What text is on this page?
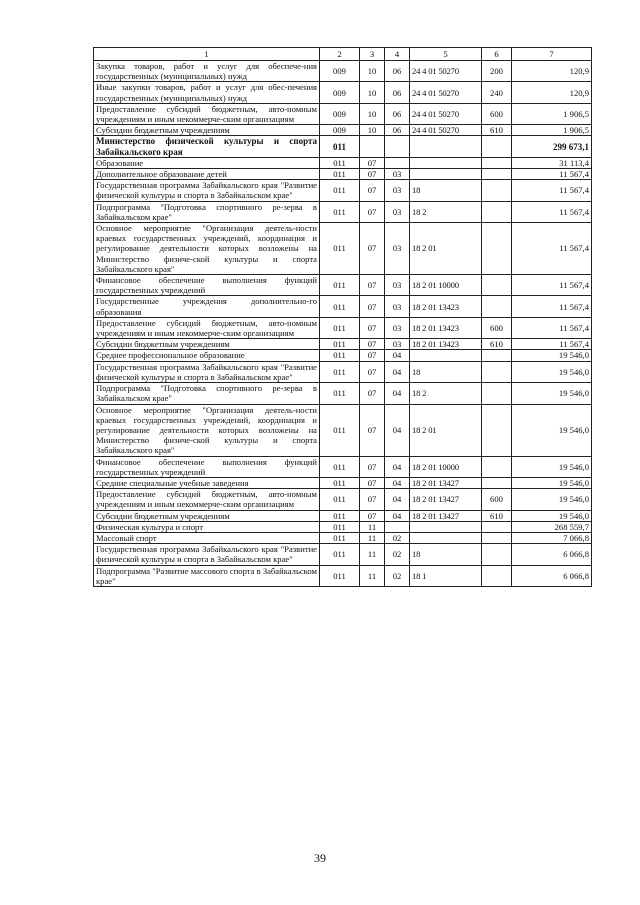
1	2	3	4	5	6	7
Закупка товаров, работ и услуг для обеспече-ния государственных (муниципальных) нужд	009	10	06	24 4 01 50270	200	120,9
Иные закупки товаров, работ и услуг для обес-печения государственных (муниципальных) нужд	009	10	06	24 4 01 50270	240	120,9
Предоставление субсидий бюджетным, авто-номным учреждениям и иным некоммерче-ским организациям	009	10	06	24 4 01 50270	600	1 906,5
Субсидии бюджетным учреждениям	009	10	06	24 4 01 50270	610	1 906,5
Министерство физической культуры и спорта Забайкальского края	011					299 673,1
Образование	011	07				31 113,4
Дополнительное образование детей	011	07	03			11 567,4
Государственная программа Забайкальского края "Развитие физической культуры и спорта в Забайкальском крае"	011	07	03	18		11 567,4
Подпрограмма "Подготовка спортивного ре-зерва в Забайкальском крае"	011	07	03	18 2		11 567,4
Основное мероприятие "Организация деятель-ности краевых государственных учреждений, координация и регулирование деятельности которых возложены на Министерство физиче-ской культуры и спорта Забайкальского края"	011	07	03	18 2 01		11 567,4
Финансовое обеспечение выполнения функций государственных учреждений	011	07	03	18 2 01 10000		11 567,4
Государственные учреждения дополнительно-го образования	011	07	03	18 2 01 13423		11 567,4
Предоставление субсидий бюджетным, авто-номным учреждениям и иным некоммерче-ским организациям	011	07	03	18 2 01 13423	600	11 567,4
Субсидии бюджетным учреждениям	011	07	03	18 2 01 13423	610	11 567,4
Среднее профессиональное образование	011	07	04			19 546,0
Государственная программа Забайкальского края "Развитие физической культуры и спорта в Забайкальском крае"	011	07	04	18		19 546,0
Подпрограмма "Подготовка спортивного ре-зерва в Забайкальском крае"	011	07	04	18 2		19 546,0
Основное мероприятие "Организация деятель-ности краевых государственных учреждений, координация и регулирование деятельности которых возложены на Министерство физиче-ской культуры и спорта Забайкальского края"	011	07	04	18 2 01		19 546,0
Финансовое обеспечение выполнения функций государственных учреждений	011	07	04	18 2 01 10000		19 546,0
Средние специальные учебные заведения	011	07	04	18 2 01 13427		19 546,0
Предоставление субсидий бюджетным, авто-номным учреждениям и иным некоммерче-ским организациям	011	07	04	18 2 01 13427	600	19 546,0
Субсидии бюджетным учреждениям	011	07	04	18 2 01 13427	610	19 546,0
Физическая культура и спорт	011	11				268 559,7
Массовый спорт	011	11	02			7 066,8
Государственная программа Забайкальского края "Развитие физической культуры и спорта в Забайкальском крае"	011	11	02	18		6 066,8
Подпрограмма "Развитие массового спорта в Забайкальском крае"	011	11	02	18 1		6 066,8
39
